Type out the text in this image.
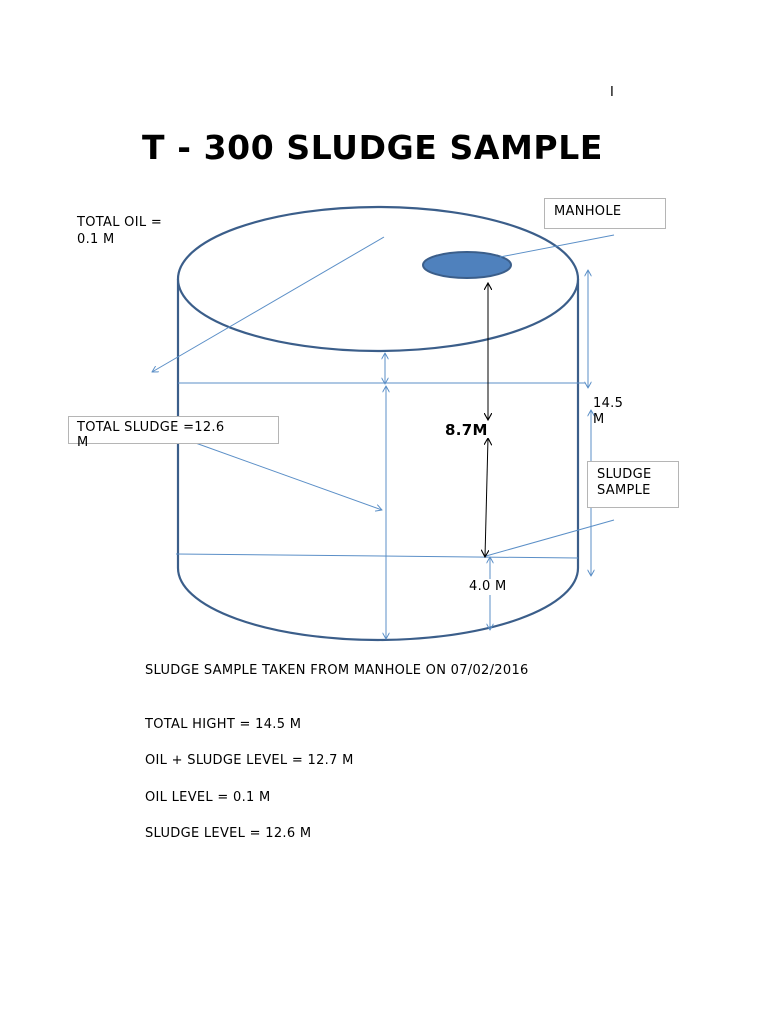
I
T - 300 SLUDGE SAMPLE
TOTAL OIL =
0.1 M
MANHOLE
TOTAL SLUDGE =12.6
M
14.5
M
SLUDGE
SAMPLE
8.7M
4.0 M
SLUDGE SAMPLE TAKEN FROM MANHOLE ON 07/02/2016
TOTAL HIGHT = 14.5 M
OIL + SLUDGE LEVEL = 12.7 M
OIL LEVEL = 0.1 M
SLUDGE LEVEL = 12.6 M
